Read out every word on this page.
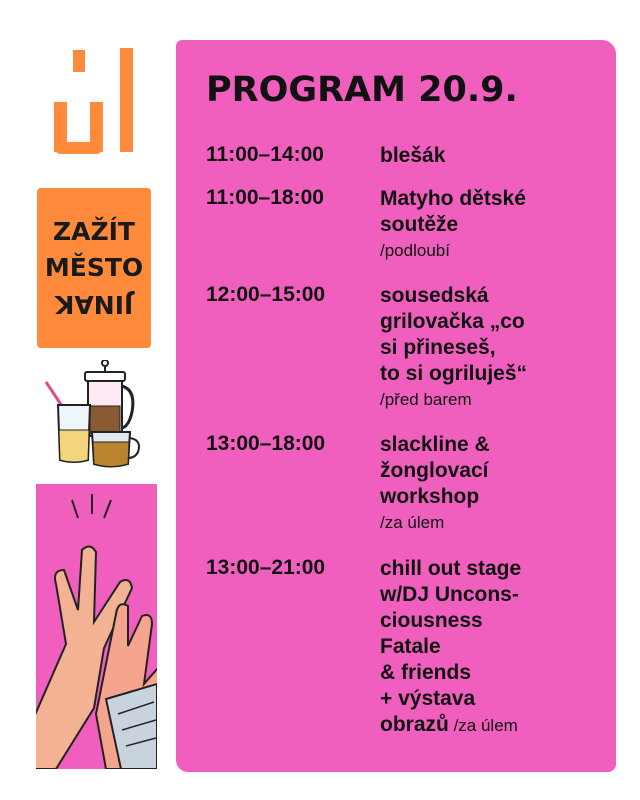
ZAŽÍT
MĚSTO
JINAK
PROGRAM 20.9.
11:00–14:00	blešák
11:00–18:00	Matyho dětské
soutěže
/podloubí
12:00–15:00	sousedská
grilovačka „co
si přineseš,
to si ogriluješ“
/před barem
13:00–18:00	slackline &
žonglovací
workshop
/za úlem
13:00–21:00	chill out stage
w/DJ Uncons-
ciousness
Fatale
& friends
+ výstava
obrazů /za úlem
